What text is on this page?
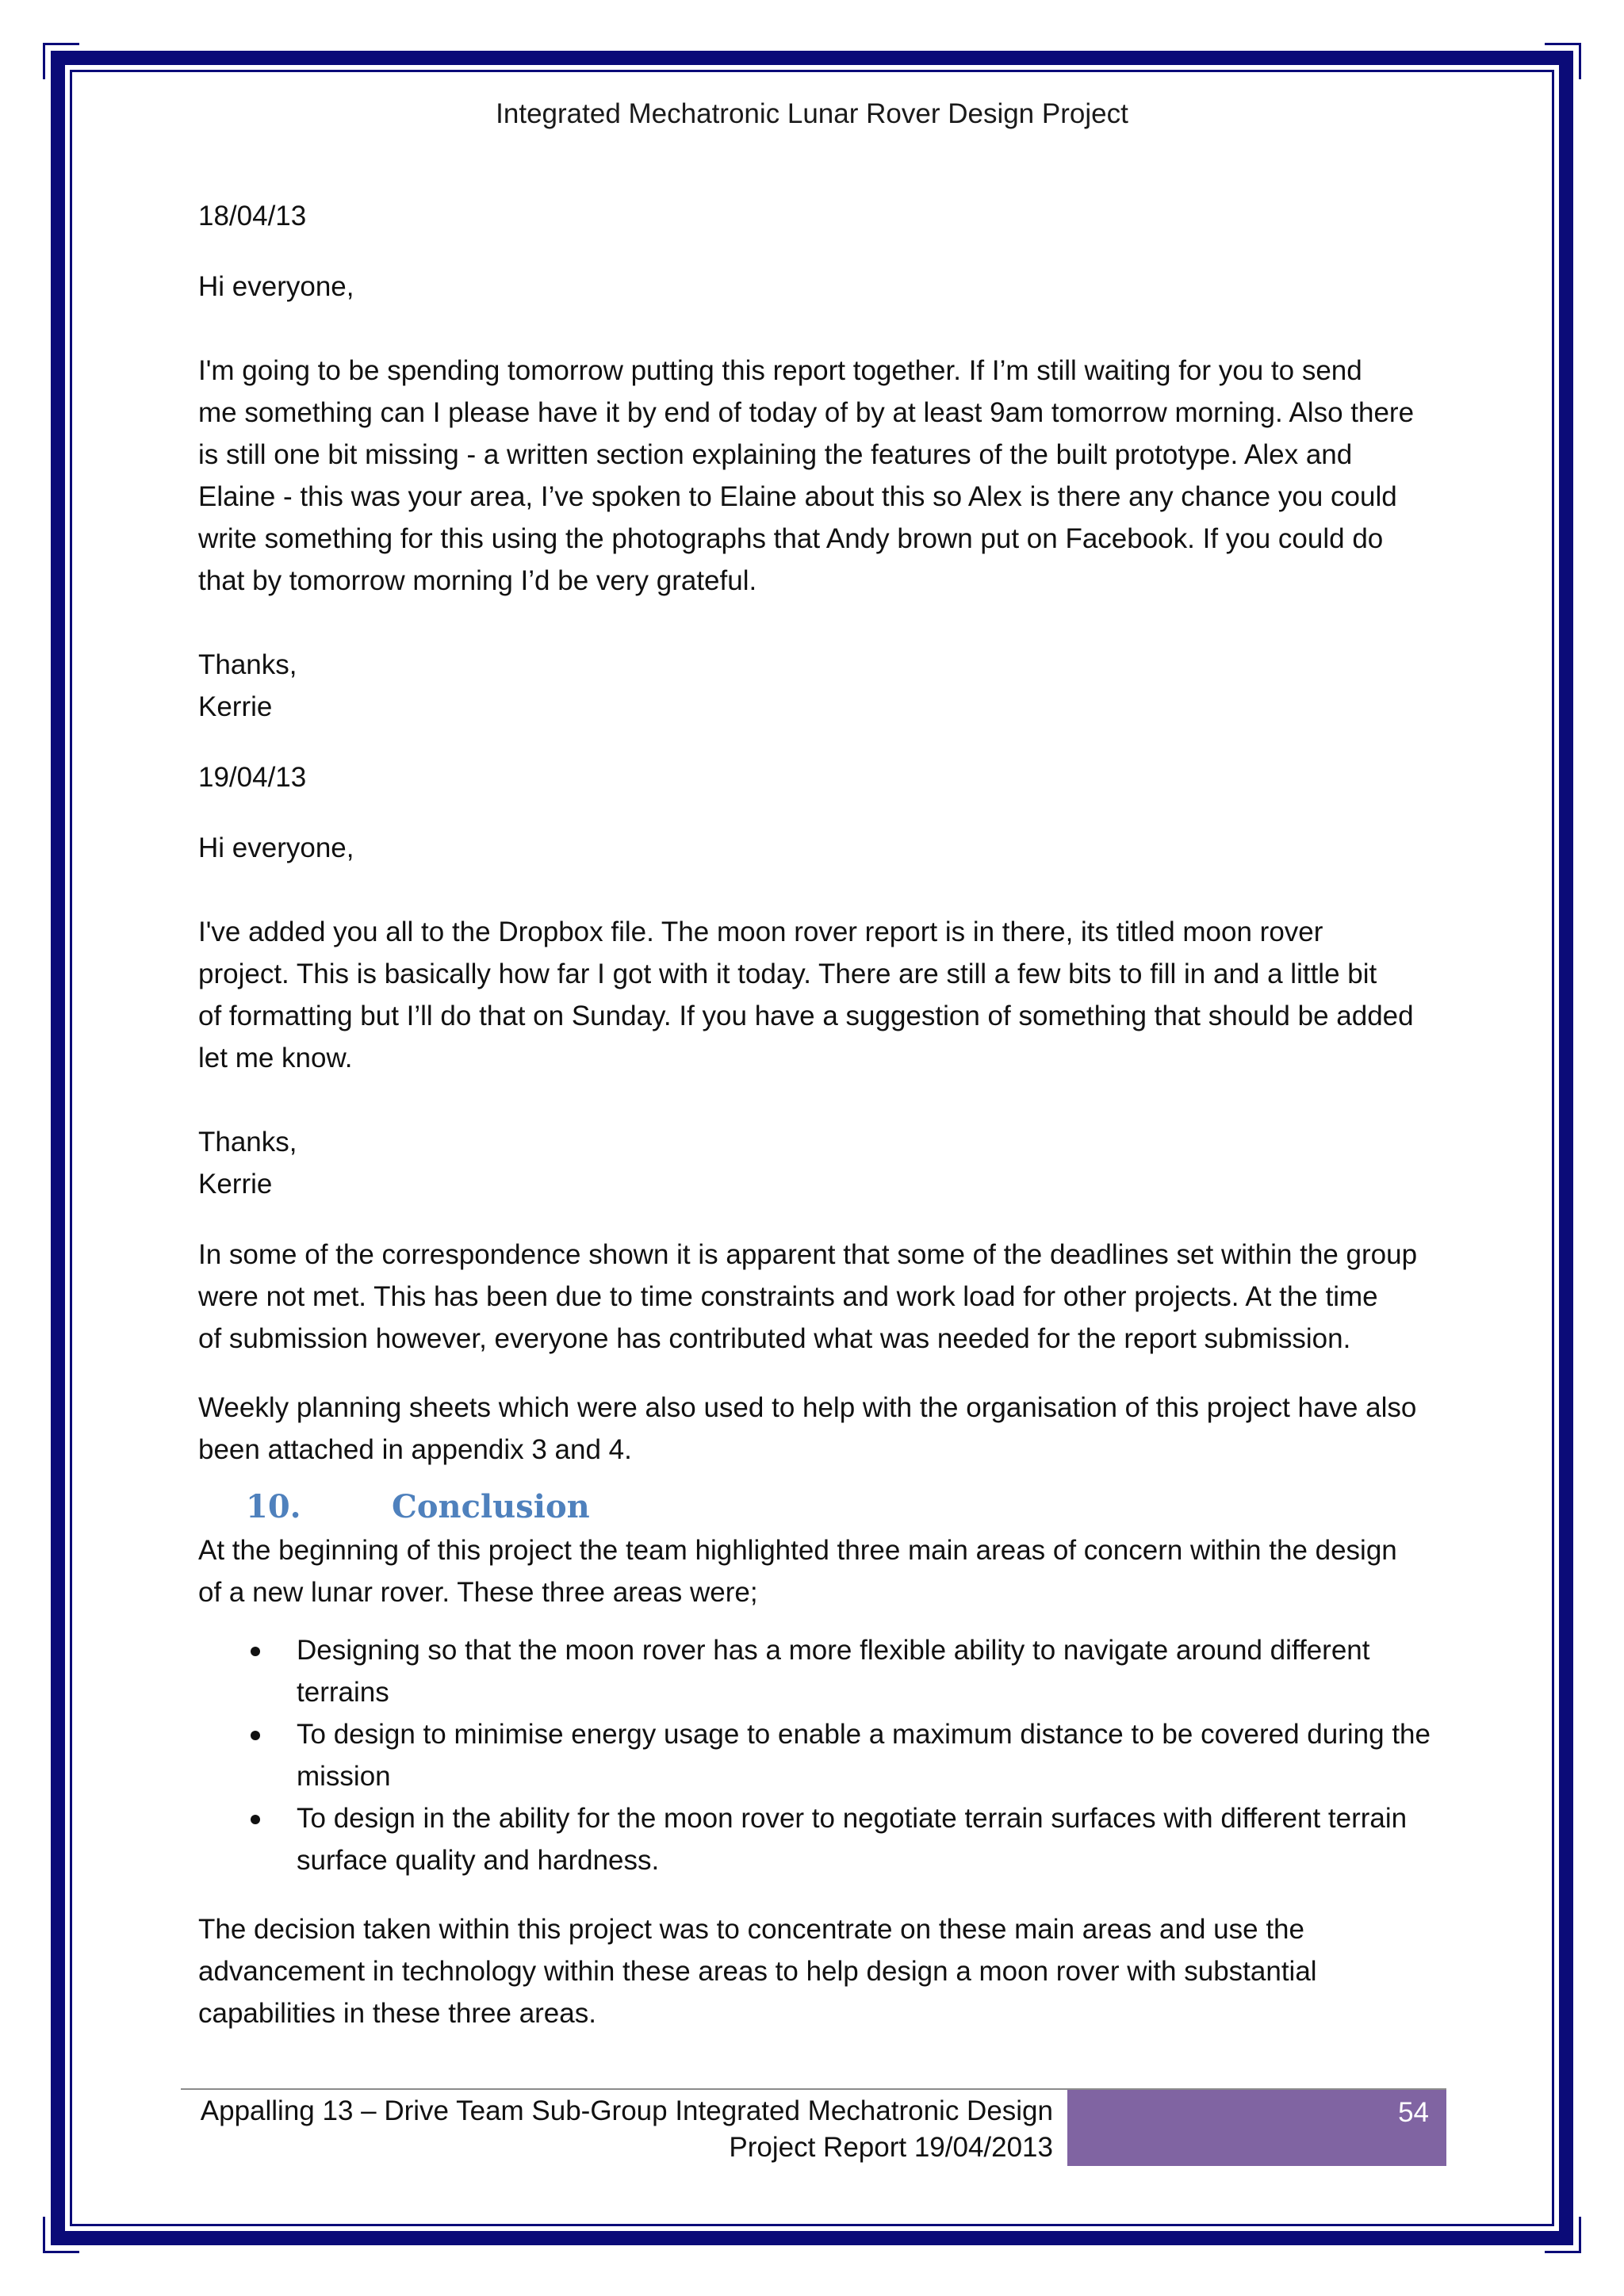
Integrated Mechatronic Lunar Rover Design Project

18/04/13

Hi everyone,

I'm going to be spending tomorrow putting this report together. If I’m still waiting for you to send

me something can I please have it by end of today of by at least 9am tomorrow morning. Also there

is still one bit missing - a written section explaining the features of the built prototype. Alex and

Elaine - this was your area, I’ve spoken to Elaine about this so Alex is there any chance you could

write something for this using the photographs that Andy brown put on Facebook. If you could do

that by tomorrow morning I’d be very grateful.

Thanks,

Kerrie

19/04/13

Hi everyone,

I've added you all to the Dropbox file. The moon rover report is in there, its titled moon rover

project. This is basically how far I got with it today. There are still a few bits to fill in and a little bit

of formatting but I’ll do that on Sunday. If you have a suggestion of something that should be added

let me know.

Thanks,

Kerrie

In some of the correspondence shown it is apparent that some of the deadlines set within the group

were not met. This has been due to time constraints and work load for other projects. At the time

of submission however, everyone has contributed what was needed for the report submission.

Weekly planning sheets which were also used to help with the organisation of this project have also

been attached in appendix 3 and 4.

10.	Conclusion

At the beginning of this project the team highlighted three main areas of concern within the design

of a new lunar rover. These three areas were;

Designing so that the moon rover has a more flexible ability to navigate around different

terrains

To design to minimise energy usage to enable a maximum distance to be covered during the

mission

To design in the ability for the moon rover to negotiate terrain surfaces with different terrain

surface quality and hardness.

The decision taken within this project was to concentrate on these main areas and use the

advancement in technology within these areas to help design a moon rover with substantial

capabilities in these three areas.

Appalling 13 – Drive Team Sub-Group Integrated Mechatronic Design
Project Report 19/04/2013
54
